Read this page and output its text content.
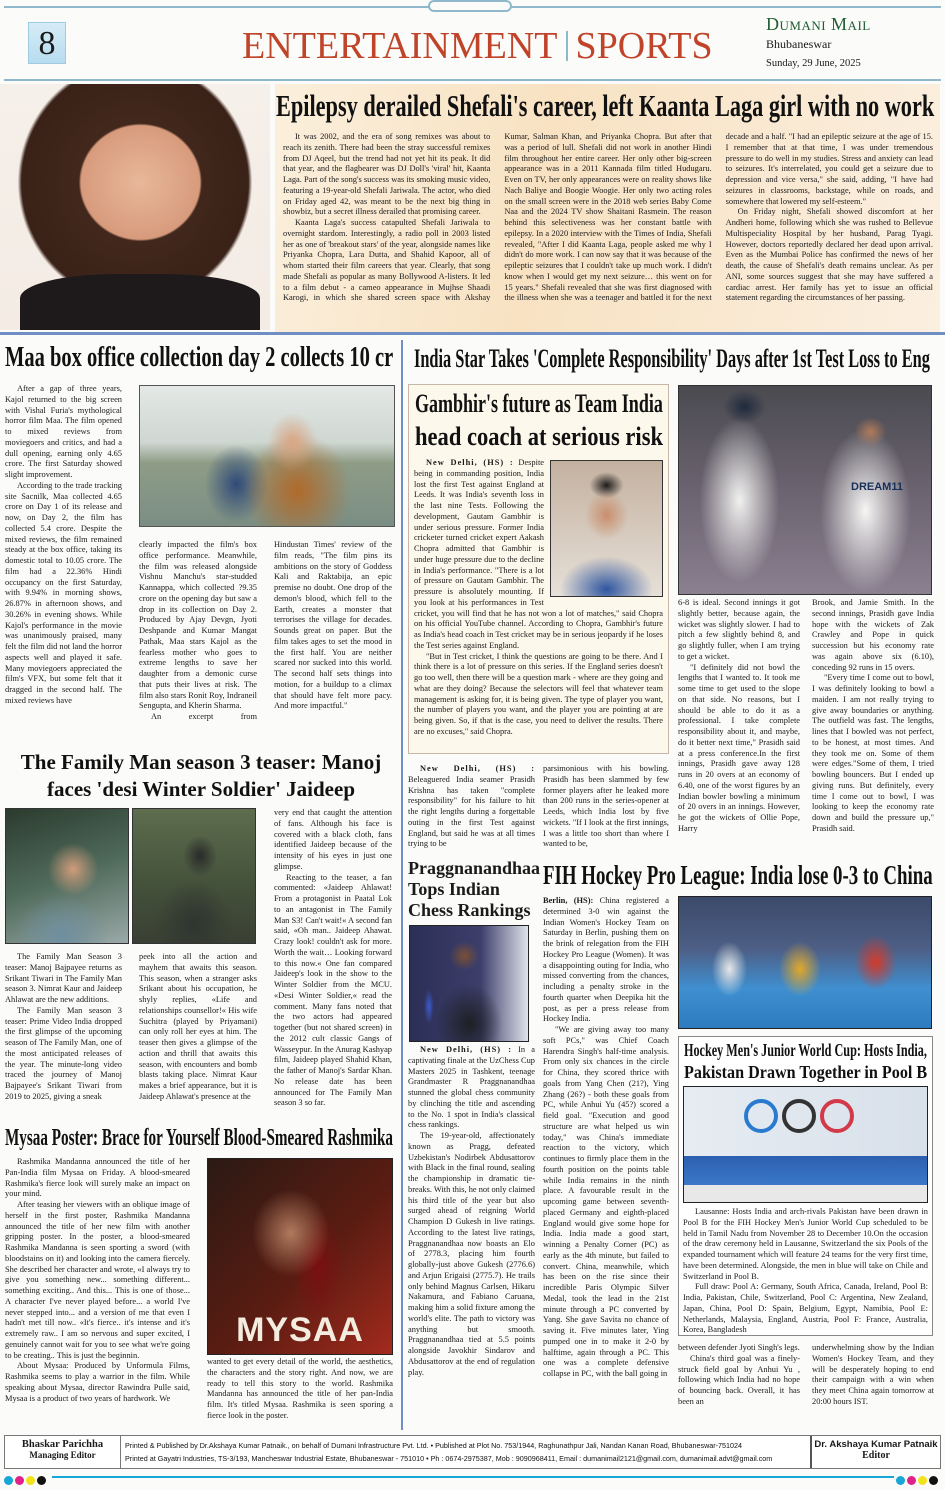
8	ENTERTAINMENT SPORTS
Dumani Mail
Bhubaneswar
Sunday, 29 June, 2025
Epilepsy derailed Shefali's career, left Kaanta Laga girl with no work

It was 2002, and the era of song remixes was about to reach its zenith. There had been the stray successful remixes from DJ Aqeel, but the trend had not yet hit its peak. It did that year, and the flagbearer was DJ Doll's 'viral' hit, Kaanta Laga. Part of the song's success was its smoking music video, featuring a 19-year-old Shefali Jariwala. The actor, who died on Friday aged 42, was meant to be the next big thing in showbiz, but a secret illness derailed that promising career.

Kaanta Laga's success catapulted Shefali Jariwala to overnight stardom. Interestingly, a radio poll in 2003 listed her as one of 'breakout stars' of the year, alongside names like Priyanka Chopra, Lara Dutta, and Shahid Kapoor, all of whom started their film careers that year. Clearly, that song made Shefali as popular as many Bollywood A-listers. It led to a film debut - a cameo appearance in Mujhse Shaadi Karogi, in which she shared screen space with Akshay Kumar, Salman Khan, and Priyanka Chopra. But after that was a period of lull. Shefali did not work in another Hindi film throughout her entire career. Her only other big-screen appearance was in a 2011 Kannada film titled Hudugaru. Even on TV, her only appearances were on reality shows like Nach Baliye and Boogie Woogie. Her only two acting roles on the small screen were in the 2018 web series Baby Come Naa and the 2024 TV show Shaitani Rasmein. The reason behind this selectiveness was her constant battle with epilepsy. In a 2020 interview with the Times of India, Shefali revealed, "After I did Kaanta Laga, people asked me why I didn't do more work. I can now say that it was because of the epileptic seizures that I couldn't take up much work. I didn't know when I would get my next seizure… this went on for 15 years." Shefali revealed that she was first diagnosed with the illness when she was a teenager and battled it for the next decade and a half. "I had an epileptic seizure at the age of 15. I remember that at that time, I was under tremendous pressure to do well in my studies. Stress and anxiety can lead to seizures. It's interrelated, you could get a seizure due to depression and vice versa," she said, adding, "I have had seizures in classrooms, backstage, while on roads, and somewhere that lowered my self-esteem."

On Friday night, Shefali showed discomfort at her Andheri home, following which she was rushed to Bellevue Multispeciality Hospital by her husband, Parag Tyagi. However, doctors reportedly declared her dead upon arrival. Even as the Mumbai Police has confirmed the news of her death, the cause of Shefali's death remains unclear. As per ANI, some sources suggest that she may have suffered a cardiac arrest. Her family has yet to issue an official statement regarding the circumstances of her passing.

Maa box office collection day 2 collects 10 cr

After a gap of three years, Kajol returned to the big screen with Vishal Furia's mythological horror film Maa. The film opened to mixed reviews from moviegoers and critics, and had a dull opening, earning only 4.65 crore. The first Saturday showed slight improvement.

According to the trade tracking site Sacnilk, Maa collected 4.65 crore on Day 1 of its release and now, on Day 2, the film has collected 5.4 crore. Despite the mixed reviews, the film remained steady at the box office, taking its domestic total to 10.05 crore. The film had a 22.36% Hindi occupancy on the first Saturday, with 9.94% in morning shows, 26.87% in afternoon shows, and 30.26% in evening shows. While Kajol's performance in the movie was unanimously praised, many felt the film did not land the horror aspects well and played it safe. Many moviegoers appreciated the film's VFX, but some felt that it dragged in the second half. The mixed reviews have

clearly impacted the film's box office performance. Meanwhile, the film was released alongside Vishnu Manchu's star-studded Kannappa, which collected ?9.35 crore on the opening day but saw a drop in its collection on Day 2. Produced by Ajay Devgn, Jyoti Deshpande and Kumar Mangat Pathak, Maa stars Kajol as the fearless mother who goes to extreme lengths to save her daughter from a demonic curse that puts their lives at risk. The film also stars Ronit Roy, Indraneil Sengupta, and Kherin Sharma.

An excerpt from

Hindustan Times' review of the film reads, "The film pins its ambitions on the story of Goddess Kali and Raktabija, an epic premise no doubt. One drop of the demon's blood, which fell to the Earth, creates a monster that terrorises the village for decades. Sounds great on paper. But the film takes ages to set the mood in the first half. You are neither scared nor sucked into this world. The second half sets things into motion, for a buildup to a climax that should have felt more pacy. And more impactful."

The Family Man season 3 teaser: Manoj
faces 'desi Winter Soldier' Jaideep

The Family Man Season 3 teaser: Manoj Bajpayee returns as Srikant Tiwari in The Family Man season 3. Nimrat Kaur and Jaideep Ahlawat are the new additions.

The Family Man season 3 teaser: Prime Video India dropped the first glimpse of the upcoming season of The Family Man, one of the most anticipated releases of the year. The minute-long video traced the journey of Manoj Bajpayee's Srikant Tiwari from 2019 to 2025, giving a sneak

peek into all the action and mayhem that awaits this season. This season, when a stranger asks Srikant about his occupation, he shyly replies, «Life and relationships counsellor!« His wife Suchitra (played by Priyamani) can only roll her eyes at him. The teaser then gives a glimpse of the action and thrill that awaits this season, with encounters and bomb blasts taking place. Nimrat Kaur makes a brief appearance, but it is Jaideep Ahlawat's presence at the

very end that caught the attention of fans. Although his face is covered with a black cloth, fans identified Jaideep because of the intensity of his eyes in just one glimpse.

Reacting to the teaser, a fan commented: «Jaideep Ahlawat! From a protagonist in Paatal Lok to an antagonist in The Family Man S3! Can't wait!« A second fan said, «Oh man.. Jaideep Ahawat. Crazy look! couldn't ask for more. Worth the wait… Looking forward to this now.« One fan compared Jaideep's look in the show to the Winter Soldier from the MCU. «Desi Winter Soldier,« read the comment. Many fans noted that the two actors had appeared together (but not shared screen) in the 2012 cult classic Gangs of Wasseypur. In the Anurag Kashyap film, Jaideep played Shahid Khan, the father of Manoj's Sardar Khan. No release date has been announced for The Family Man season 3 so far.

Mysaa Poster: Brace for Yourself Blood-Smeared Rashmika

Rashmika Mandanna announced the title of her Pan-India film Mysaa on Friday. A blood-smeared Rashmika's fierce look will surely make an impact on your mind.

After teasing her viewers with an oblique image of herself in the first poster, Rashmika Mandanna announced the title of her new film with another gripping poster. In the poster, a blood-smeared Rashmika Mandanna is seen sporting a sword (with bloodstains on it) and looking into the camera fiercely. She described her character and wrote, «I always try to give you something new... something different... something exciting.. And this... This is one of those... A character I've never played before... a world I've never stepped into... and a version of me that even I hadn't met till now.. «It's fierce.. it's intense and it's extremely raw.. I am so nervous and super excited, I genuinely cannot wait for you to see what we're going to be creating.. This is just the beginnin.

About Mysaa: Produced by Unformula Films, Rashmika seems to play a warrior in the film. While speaking about Mysaa, director Rawindra Pulle said, Mysaa is a product of two years of hardwork. We

MYSAA

wanted to get every detail of the world, the aesthetics, the characters and the story right. And now, we are ready to tell this story to the world. Rashmika Mandanna has announced the title of her pan-India film. It's titled Mysaa. Rashmika is seen sporing a fierce look in the poster.

India Star Takes 'Complete Responsibility' Days after 1st Test Loss to Eng
Gambhir's future as Team India
head coach at serious risk

New Delhi, (HS) : Despite being in commanding position, India lost the first Test against England at Leeds. It was India's seventh loss in the last nine Tests. Following the development, Gautam Gambhir is under serious pressure. Former India cricketer turned cricket expert Aakash Chopra admitted that Gambhir is under huge pressure due to the decline in India's performance. "There is a lot of pressure on Gautam Gambhir. The pressure is absolutely mounting. If you look at his performances in Test cricket, you will find that he has not won a lot of matches," said Chopra on his official YouTube channel. According to Chopra, Gambhir's future as India's head coach in Test cricket may be in serious jeopardy if he loses the Test series against England.

"But in Test cricket, I think the questions are going to be there. And I think there is a lot of pressure on this series. If the England series doesn't go too well, then there will be a question mark - where are they going and what are they doing? Because the selectors will feel that whatever team management is asking for, it is being given. The type of player you want, the number of players you want, and the player you are pointing at are being given. So, if that is the case, you need to deliver the results. There are no excuses," said Chopra.

DREAM11

6-8 is ideal. Second innings it got slightly better, because again, the wicket was slightly slower. I had to pitch a few slightly behind 8, and go slightly fuller, when I am trying to get a wicket.

"I definitely did not bowl the lengths that I wanted to. It took me some time to get used to the slope on that side. No reasons, but I should be able to do it as a professional. I take complete responsibility about it, and maybe, do it better next time," Prasidh said at a press conference.In the first innings, Prasidh gave away 128 runs in 20 overs at an economy of 6.40, one of the worst figures by an Indian bowler bowling a minimum of 20 overs in an innings. However, he got the wickets of Ollie Pope, Harry

Brook, and Jamie Smith. In the second innings, Prasidh gave India hope with the wickets of Zak Crawley and Pope in quick succession but his economy rate was again above six (6.10), conceding 92 runs in 15 overs.

"Every time I come out to bowl, I was definitely looking to bowl a maiden. I am not really trying to give away boundaries or anything. The outfield was fast. The lengths, lines that I bowled was not perfect, to be honest, at most times. And they took me on. Some of them were edges."Some of them, I tried bowling bouncers. But I ended up giving runs. But definitely, every time I come out to bowl, I was looking to keep the economy rate down and build the pressure up," Prasidh said.

New Delhi, (HS) : Beleaguered India seamer Prasidh Krishna has taken "complete responsibility" for his failure to hit the right lengths during a forgettable outing in the first Test against England, but said he was at all times trying to be

parsimonious with his bowling. Prasidh has been slammed by few former players after he leaked more than 200 runs in the series-opener at Leeds, which India lost by five wickets. "If I look at the first innings, I was a little too short than where I wanted to be,

Praggnanandhaa Tops Indian Chess Rankings

New Delhi, (HS) : In a captivating finale at the UzChess Cup Masters 2025 in Tashkent, teenage Grandmaster R Praggnanandhaa stunned the global chess community by clinching the title and ascending to the No. 1 spot in India's classical chess rankings.

The 19-year-old, affectionately known as Pragg, defeated Uzbekistan's Nodirbek Abdusattorov with Black in the final round, sealing the championship in dramatic tie-breaks. With this, he not only claimed his third title of the year but also surged ahead of reigning World Champion D Gukesh in live ratings. According to the latest live ratings, Praggnanandhaa now boasts an Elo of 2778.3, placing him fourth globally-just above Gukesh (2776.6) and Arjun Erigaisi (2775.7). He trails only behind Magnus Carlsen, Hikaru Nakamura, and Fabiano Caruana, making him a solid fixture among the world's elite. The path to victory was anything but smooth. Praggnanandhaa tied at 5.5 points alongside Javokhir Sindarov and Abdusattorov at the end of regulation play.

FIH Hockey Pro League: India lose 0-3 to China

Berlin, (HS): China registered a determined 3-0 win against the Indian Women's Hockey Team on Saturday in Berlin, pushing them on the brink of relegation from the FIH Hockey Pro League (Women). It was a disappointing outing for India, who missed converting from the chances, including a penalty stroke in the fourth quarter when Deepika hit the post, as per a press release from Hockey India.

"We are giving away too many soft PCs," was Chief Coach Harendra Singh's half-time analysis. From only six chances in the circle for China, they scored thrice with goals from Yang Chen (21?), Ying Zhang (26?) - both these goals from PC, while Anhui Yu (45?) scored a field goal. "Execution and good structure are what helped us win today," was China's immediate reaction to the victory, which continues to firmly place them in the fourth position on the points table while India remains in the ninth place. A favourable result in the upcoming game between seventh-placed Germany and eighth-placed England would give some hope for India. India made a good start, winning a Penalty Corner (PC) as early as the 4th minute, but failed to convert. China, meanwhile, which has been on the rise since their incredible Paris Olympic Silver Medal, took the lead in the 21st minute through a PC converted by Yang. She gave Savita no chance of saving it. Five minutes later, Ying pumped one in to make it 2-0 by halftime, again through a PC. This one was a complete defensive collapse in PC, with the ball going in

Hockey Men's Junior World Cup: Hosts India,
Pakistan Drawn Together in Pool B

Lausanne: Hosts India and arch-rivals Pakistan have been drawn in Pool B for the FIH Hockey Men's Junior World Cup scheduled to be held in Tamil Nadu from November 28 to December 10.On the occasion of the draw ceremony held in Lausanne, Switzerland the six Pools of the expanded tournament which will feature 24 teams for the very first time, have been determined. Alongside, the men in blue will take on Chile and Switzerland in Pool B.

Full draw: Pool A: Germany, South Africa, Canada, Ireland, Pool B: India, Pakistan, Chile, Switzerland, Pool C: Argentina, New Zealand, Japan, China, Pool D: Spain, Belgium, Egypt, Namibia, Pool E: Netherlands, Malaysia, England, Austria, Pool F: France, Australia, Korea, Bangladesh

between defender Jyoti Singh's legs.

China's third goal was a finely-struck field goal by Anhui Yu , following which India had no hope of bouncing back. Overall, it has been an

underwhelming show by the Indian Women's Hockey Team, and they will be desperately hoping to end their campaign with a win when they meet China again tomorrow at 20:00 hours IST.

Bhaskar Parichha
Managing Editor
Printed & Published by Dr.Akshaya Kumar Patnaik., on behalf of Dumani Infrastructure Pvt. Ltd. • Published at Plot No. 753/1944, Raghunathpur Jali, Nandan Kanan Road, Bhubaneswar-751024
Printed at Gayatri Industries, TS-3/193, Mancheswar Industrial Estate, Bhubaneswar - 751010 • Ph : 0674-2975387, Mob : 9090968411, Email : dumanimail2121@gmail.com, dumanimail.advt@gmail.com
Dr. Akshaya Kumar Patnaik
Editor
